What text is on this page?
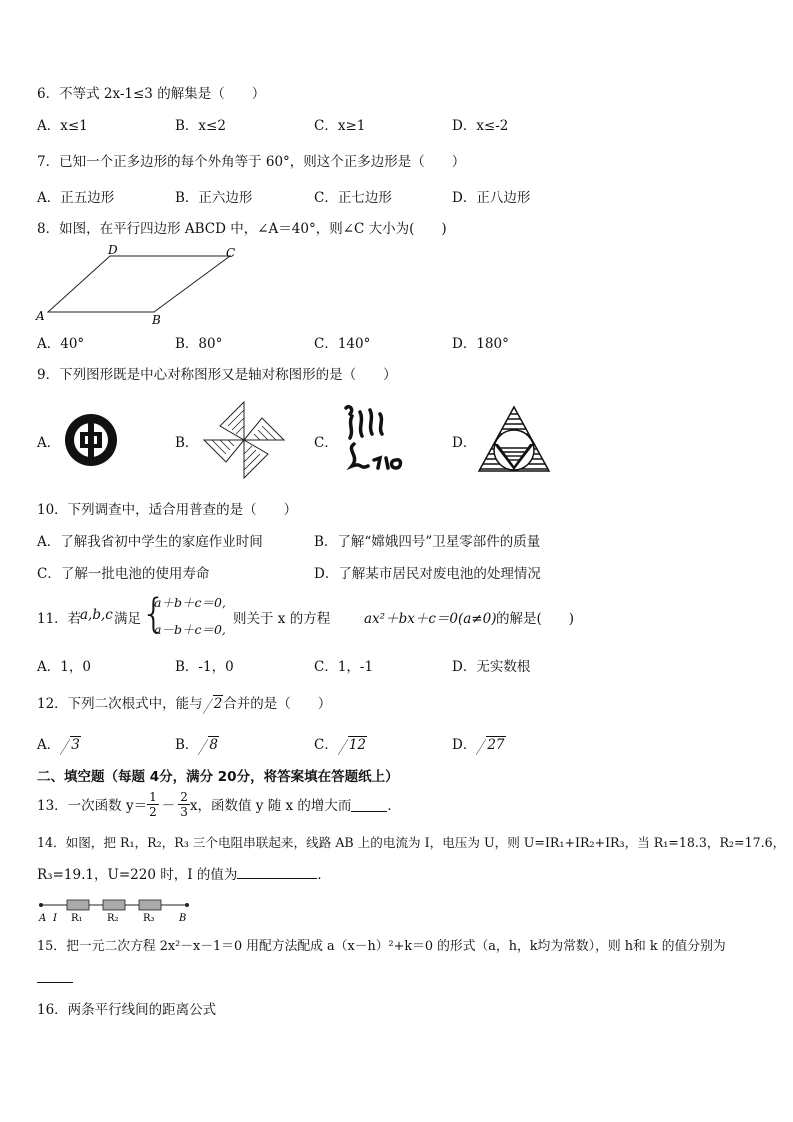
6．不等式 2x-1≤3 的解集是（　　）
A．x≤1	B．x≤2	C．x≥1	D．x≤-2
7．已知一个正多边形的每个外角等于 60°，则这个正多边形是（　　）
A．正五边形	B．正六边形	C．正七边形	D．正八边形
8．如图，在平行四边形 ABCD 中，∠A＝40°，则∠C 大小为(　　)
A	B
C
D
A．40°	B．80°	C．140°	D．180°
9．下列图形既是中心对称图形又是轴对称图形的是（　　）
A．	B．	C．	D．
10．下列调查中，适合用普查的是（　　）
A．了解我省初中学生的家庭作业时间	B．了解“嫦娥四号”卫星零部件的质量
C．了解一批电池的使用寿命	D．了解某市居民对废电池的处理情况
11．若
a,b,c 满足 {
a＋b＋c＝0,
a－b＋c＝0,
则关于 x 的方程	ax²＋bx＋c＝0(a≠0) 的解是(　　)
A．1，0	B．-1，0	C．1，-1	D．无实数根
12．下列二次根式中，能与 2合并的是（　　）
A． 3	B． 8	C． 12	D． 27
二、填空题（每题 4分，满分 20分，将答案填在答题纸上）
13．一次函数 $y= \frac{1}{2} - \frac{2}{3}$ x，函数值 y 随 x 的增大而	．
14．如图，把 R₁，R₂，R₃ 三个电阻串联起来，线路 AB 上的电流为 I，电压为 U，则 U=IR₁+IR₂+IR₃，当 R₁=18.3，R₂=17.6，
R₃=19.1，U=220 时，I 的值为	．
A I R₁ R₂ R₃ B
15．把一元二次方程 2x²－x－1＝0 用配方法配成 a（x－h）²+k＝0 的形式（a，h，k均为常数），则 h和 k 的值分别为
16．两条平行线间的距离公式
